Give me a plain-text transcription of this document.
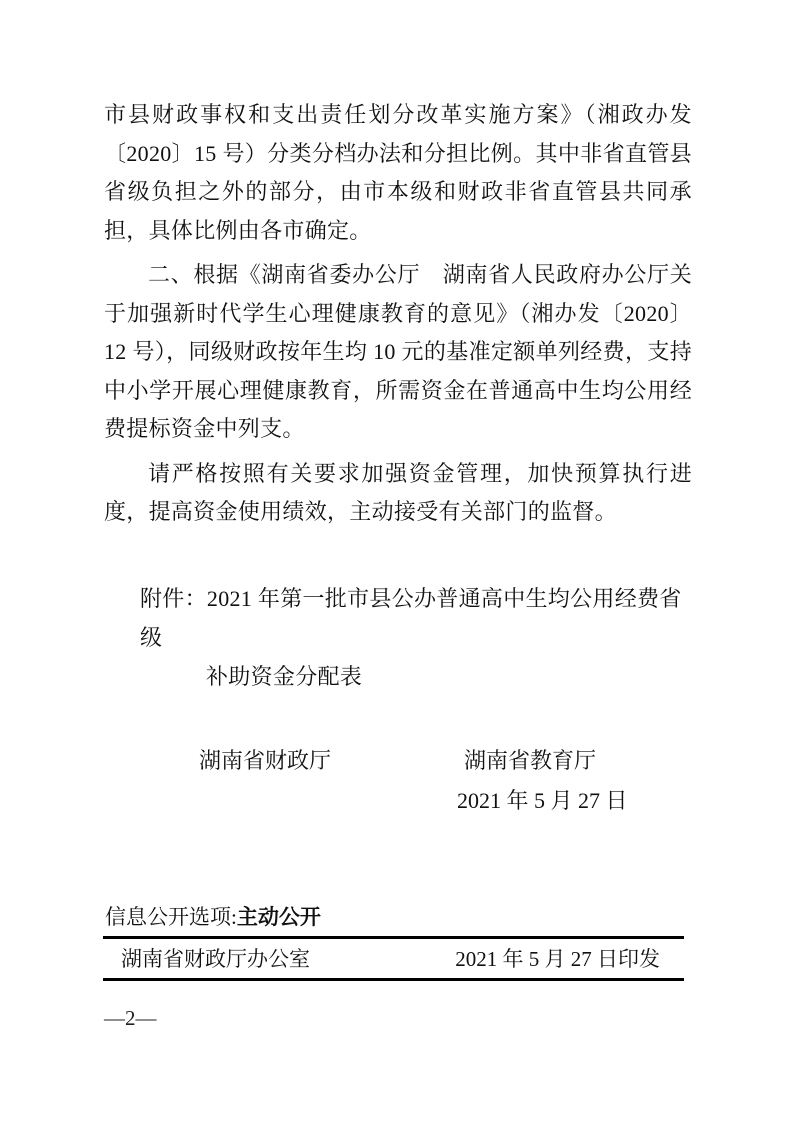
市县财政事权和支出责任划分改革实施方案》（湘政办发〔2020〕15 号）分类分档办法和分担比例。其中非省直管县省级负担之外的部分，由市本级和财政非省直管县共同承担，具体比例由各市确定。

二、根据《湖南省委办公厅　湖南省人民政府办公厅关于加强新时代学生心理健康教育的意见》（湘办发〔2020〕12 号），同级财政按年生均 10 元的基准定额单列经费，支持中小学开展心理健康教育，所需资金在普通高中生均公用经费提标资金中列支。

请严格按照有关要求加强资金管理，加快预算执行进度，提高资金使用绩效，主动接受有关部门的监督。

附件：2021 年第一批市县公办普通高中生均公用经费省级
补助资金分配表
湖南省财政厅	湖南省教育厅
2021 年 5 月 27 日
信息公开选项:主动公开
湖南省财政厅办公室	2021 年 5 月 27 日印发
—2—
